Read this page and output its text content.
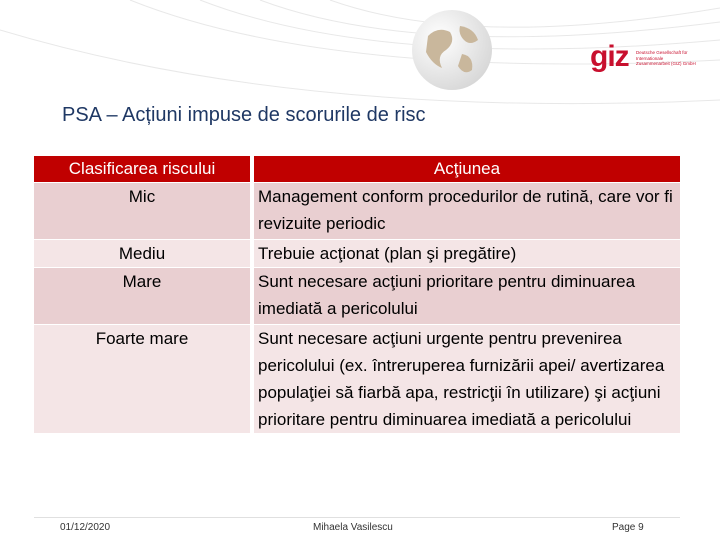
giz Deutsche Gesellschaft für Internationale Zusammenarbeit (GIZ) GmbH
PSA – Acțiuni impuse de scorurile de risc
Clasificarea riscului	Acţiunea
Mic	Management conform procedurilor de rutină, care vor fi revizuite periodic
Mediu	Trebuie acţionat (plan şi pregătire)
Mare	Sunt necesare acţiuni prioritare pentru diminuarea imediată a pericolului
Foarte mare	Sunt necesare acţiuni urgente pentru prevenirea pericolului (ex. întreruperea furnizării apei/ avertizarea populaţiei să fiarbă apa, restricţii în utilizare) şi acţiuni prioritare pentru diminuarea imediată a pericolului
01/12/2020	Mihaela Vasilescu	Page 9
